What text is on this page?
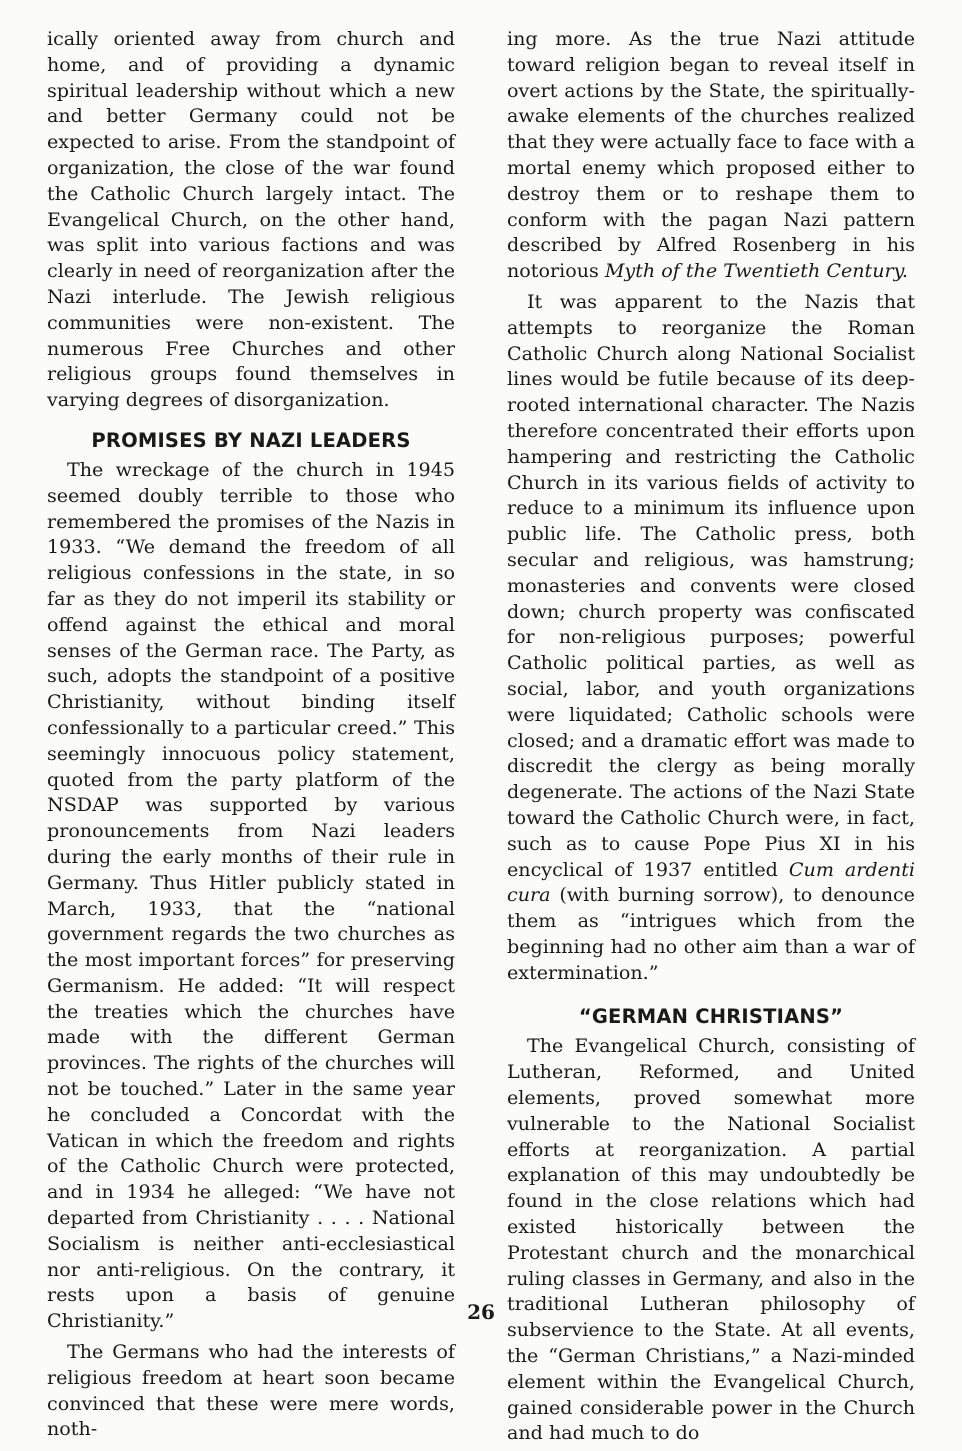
ically oriented away from church and home, and of providing a dynamic spiritual leadership without which a new and better Germany could not be expected to arise. From the standpoint of organization, the close of the war found the Catholic Church largely intact. The Evangelical Church, on the other hand, was split into various factions and was clearly in need of reorganization after the Nazi interlude. The Jewish religious communities were non-existent. The numerous Free Churches and other religious groups found themselves in varying degrees of disorganization.

PROMISES BY NAZI LEADERS

The wreckage of the church in 1945 seemed doubly terrible to those who remembered the promises of the Nazis in 1933. “We demand the freedom of all religious confessions in the state, in so far as they do not imperil its stability or offend against the ethical and moral senses of the German race. The Party, as such, adopts the standpoint of a positive Christianity, without binding itself confessionally to a particular creed.” This seemingly innocuous policy statement, quoted from the party platform of the NSDAP was supported by various pronouncements from Nazi leaders during the early months of their rule in Germany. Thus Hitler publicly stated in March, 1933, that the “national government regards the two churches as the most important forces” for preserving Germanism. He added: “It will respect the treaties which the churches have made with the different German provinces. The rights of the churches will not be touched.” Later in the same year he concluded a Concordat with the Vatican in which the freedom and rights of the Catholic Church were protected, and in 1934 he alleged: “We have not departed from Christianity . . . . National Socialism is neither anti-ecclesiastical nor anti-religious. On the contrary, it rests upon a basis of genuine Christianity.”

The Germans who had the interests of religious freedom at heart soon became convinced that these were mere words, noth-

ing more. As the true Nazi attitude toward religion began to reveal itself in overt actions by the State, the spiritually-awake elements of the churches realized that they were actually face to face with a mortal enemy which proposed either to destroy them or to reshape them to conform with the pagan Nazi pattern described by Alfred Rosenberg in his notorious Myth of the Twentieth Century.

It was apparent to the Nazis that attempts to reorganize the Roman Catholic Church along National Socialist lines would be futile because of its deep-rooted international character. The Nazis therefore concentrated their efforts upon hampering and restricting the Catholic Church in its various fields of activity to reduce to a minimum its influence upon public life. The Catholic press, both secular and religious, was hamstrung; monasteries and convents were closed down; church property was confiscated for non-religious purposes; powerful Catholic political parties, as well as social, labor, and youth organizations were liquidated; Catholic schools were closed; and a dramatic effort was made to discredit the clergy as being morally degenerate. The actions of the Nazi State toward the Catholic Church were, in fact, such as to cause Pope Pius XI in his encyclical of 1937 entitled Cum ardenti cura (with burning sorrow), to denounce them as “intrigues which from the beginning had no other aim than a war of extermination.”

“GERMAN CHRISTIANS”

The Evangelical Church, consisting of Lutheran, Reformed, and United elements, proved somewhat more vulnerable to the National Socialist efforts at reorganization. A partial explanation of this may undoubtedly be found in the close relations which had existed historically between the Protestant church and the monarchical ruling classes in Germany, and also in the traditional Lutheran philosophy of subservience to the State. At all events, the “German Christians,” a Nazi-minded element within the Evangelical Church, gained considerable power in the Church and had much to do

26
